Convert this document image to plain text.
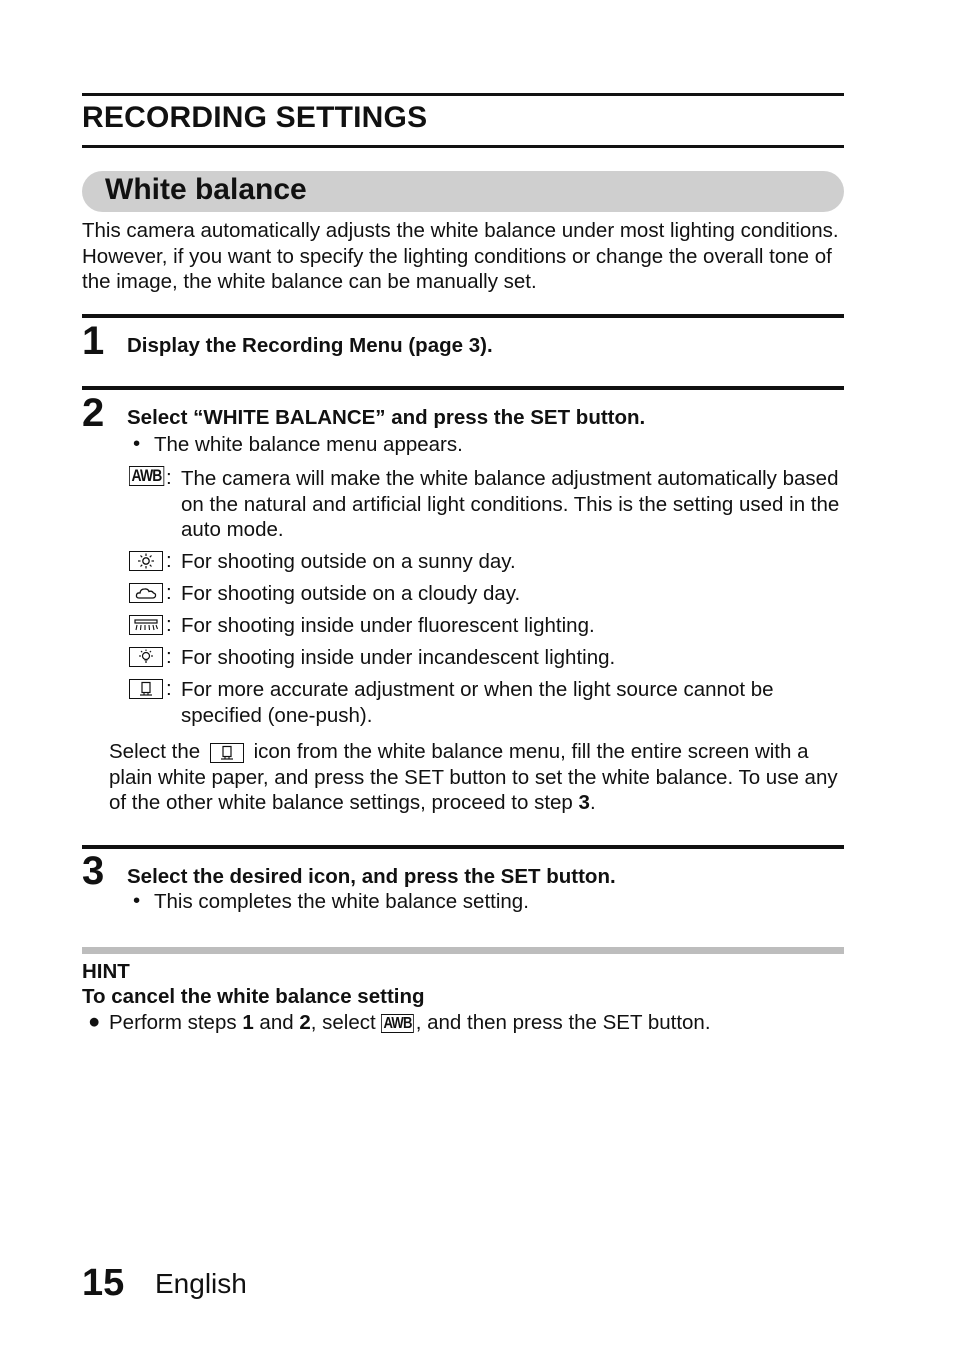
RECORDING SETTINGS
White balance
This camera automatically adjusts the white balance under most lighting conditions. However, if you want to specify the lighting conditions or change the overall tone of the image, the white balance can be manually set.
1 Display the Recording Menu (page 3).
2 Select “WHITE BALANCE” and press the SET button.
• The white balance menu appears.
AWB : The camera will make the white balance adjustment automatically based on the natural and artificial light conditions. This is the setting used in the auto mode.
: For shooting outside on a sunny day.
: For shooting outside on a cloudy day.
: For shooting inside under fluorescent lighting.
: For shooting inside under incandescent lighting.
: For more accurate adjustment or when the light source cannot be specified (one-push).
Select the	icon from the white balance menu, fill the entire screen with a plain white paper, and press the SET button to set the white balance. To use any of the other white balance settings, proceed to step 3.
3 Select the desired icon, and press the SET button.
• This completes the white balance setting.
HINT
To cancel the white balance setting
● Perform steps 1 and 2, select AWB , and then press the SET button.
15 English
